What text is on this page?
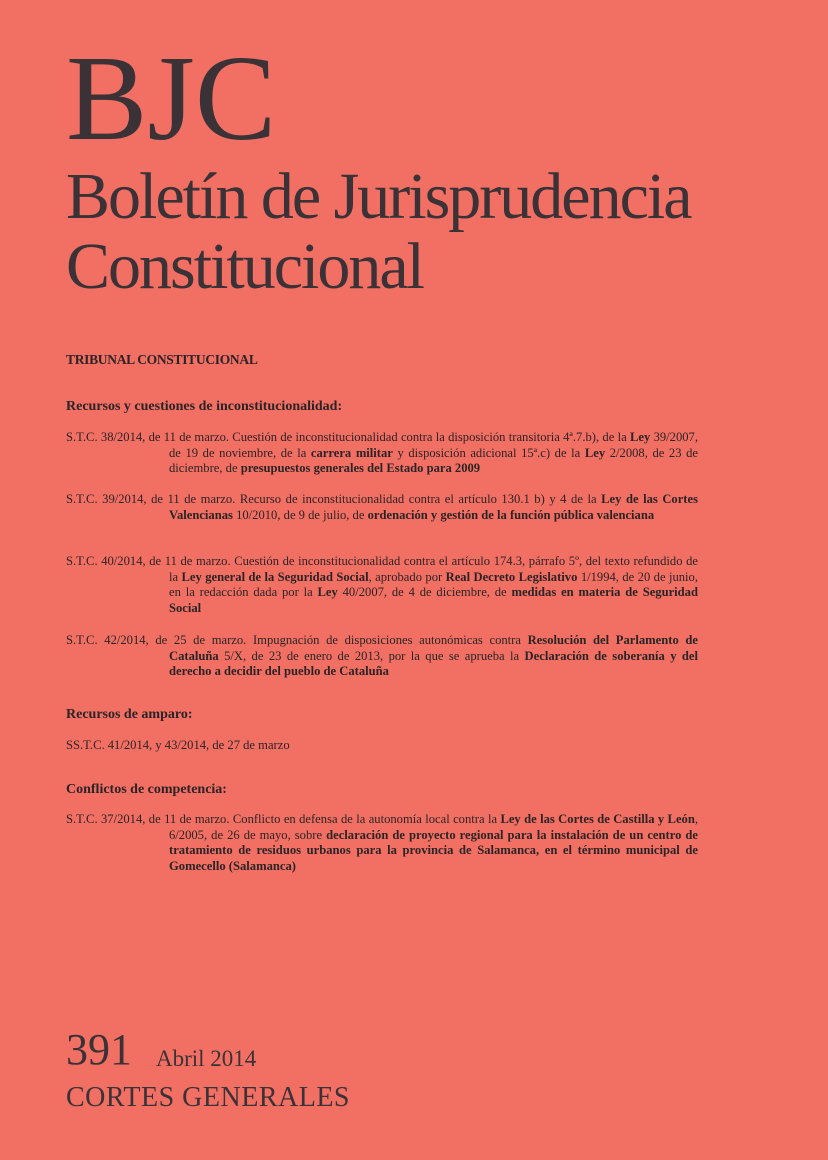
BJC
Boletín de Jurisprudencia
Constitucional
TRIBUNAL CONSTITUCIONAL
Recursos y cuestiones de inconstitucionalidad:
S.T.C. 38/2014, de 11 de marzo. Cuestión de inconstitucionalidad contra la disposición transitoria 4ª.7.b), de la Ley 39/2007, de 19 de noviembre, de la carrera militar y disposición adicional 15ª.c) de la Ley 2/2008, de 23 de diciembre, de presupuestos generales del Estado para 2009
S.T.C. 39/2014, de 11 de marzo. Recurso de inconstitucionalidad contra el artículo 130.1 b) y 4 de la Ley de las Cortes Valencianas 10/2010, de 9 de julio, de ordenación y gestión de la función pública valenciana
S.T.C. 40/2014, de 11 de marzo. Cuestión de inconstitucionalidad contra el artículo 174.3, párrafo 5º, del texto refundido de la Ley general de la Seguridad Social, aprobado por Real Decreto Legislativo 1/1994, de 20 de junio, en la redacción dada por la Ley 40/2007, de 4 de diciembre, de medidas en materia de Seguridad Social
S.T.C. 42/2014, de 25 de marzo. Impugnación de disposiciones autonómicas contra Resolución del Parlamento de Cataluña 5/X, de 23 de enero de 2013, por la que se aprueba la Declaración de soberanía y del derecho a decidir del pueblo de Cataluña
Recursos de amparo:
SS.T.C. 41/2014, y 43/2014, de 27 de marzo
Conflictos de competencia:
S.T.C. 37/2014, de 11 de marzo. Conflicto en defensa de la autonomía local contra la Ley de las Cortes de Castilla y León, 6/2005, de 26 de mayo, sobre declaración de proyecto regional para la instalación de un centro de tratamiento de residuos urbanos para la provincia de Salamanca, en el término municipal de Gomecello (Salamanca)
391 Abril 2014
CORTES GENERALES
